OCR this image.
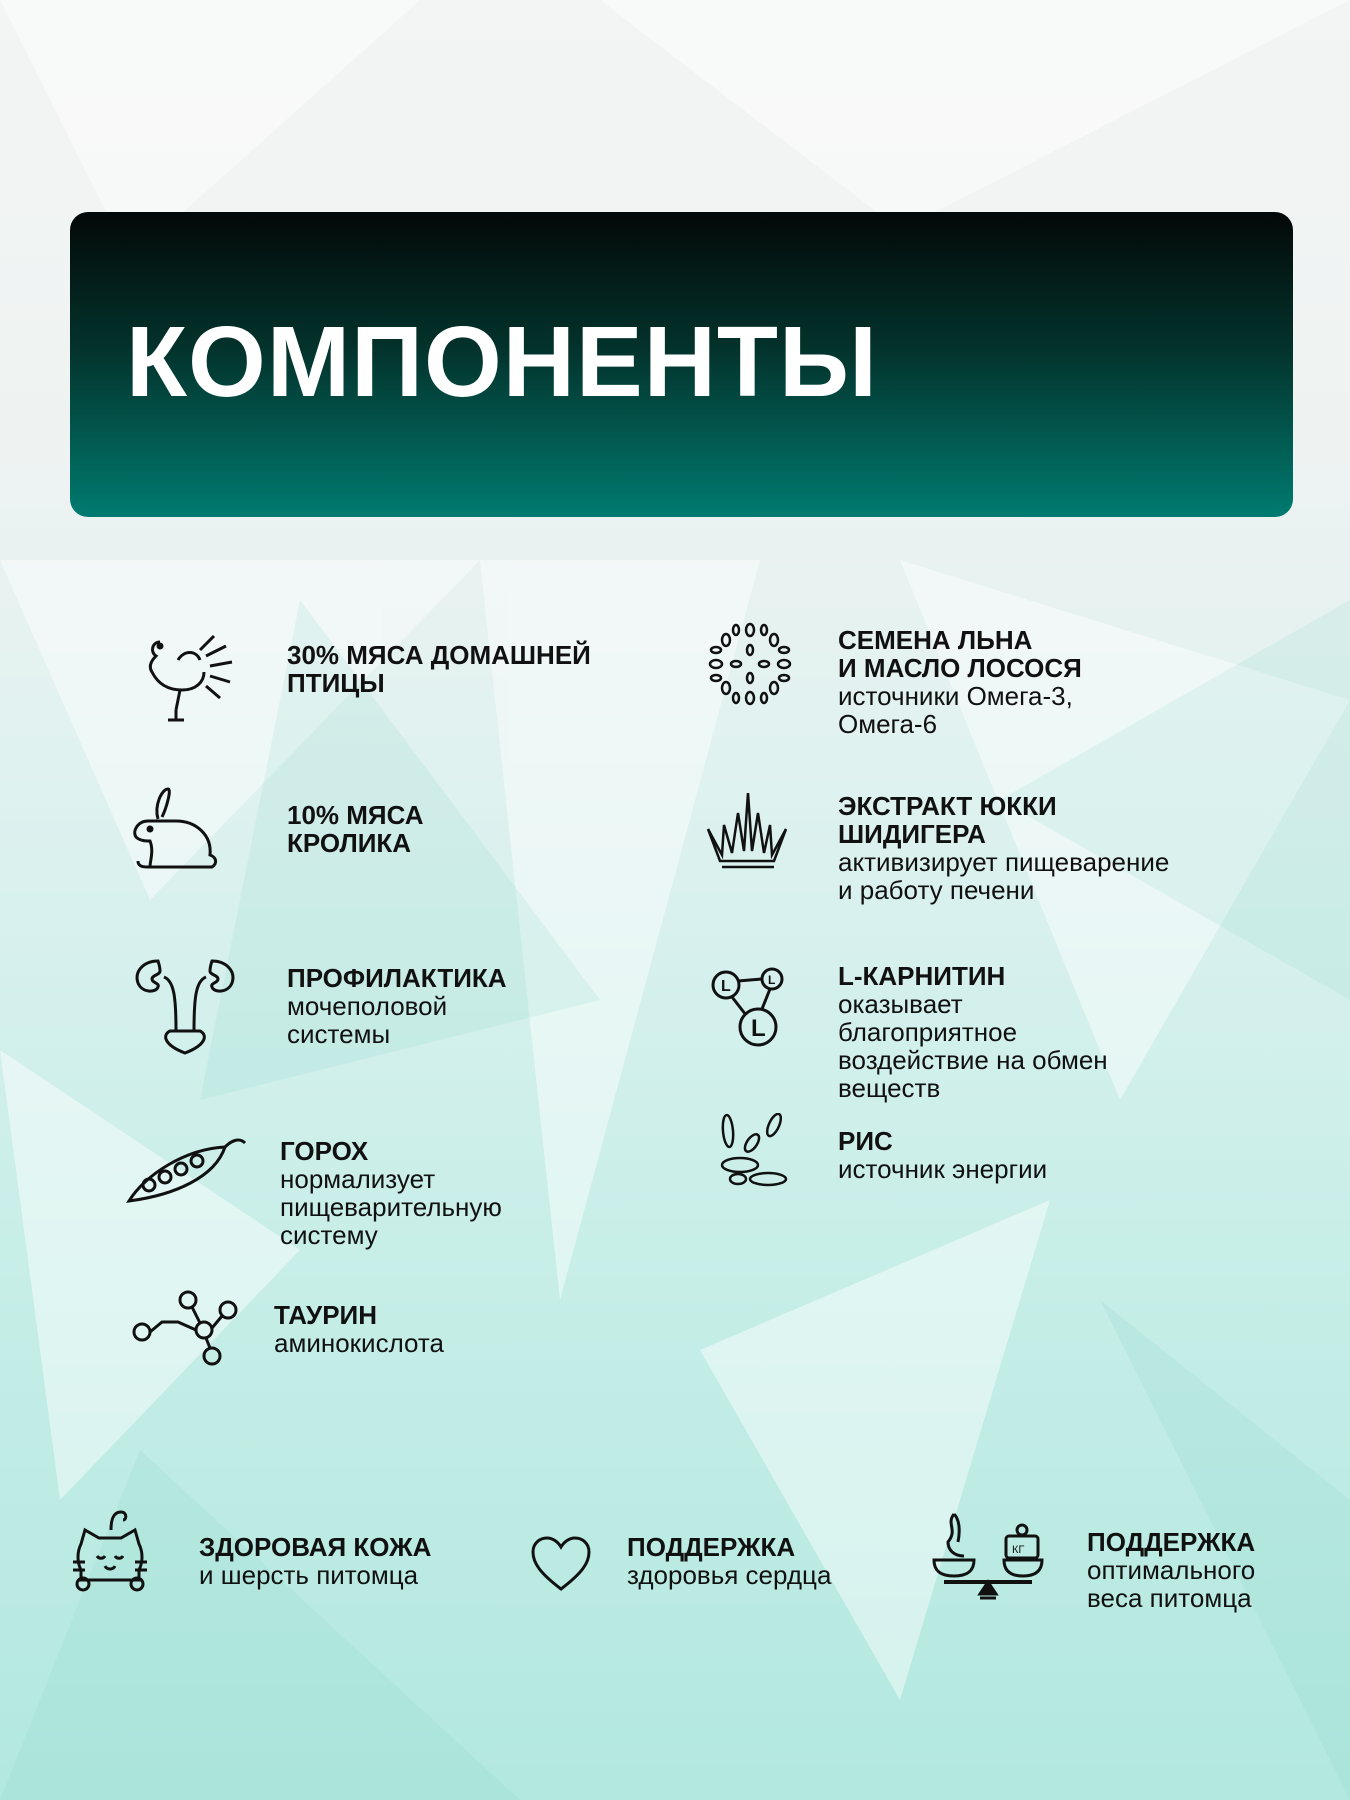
КОМПОНЕНТЫ
30% МЯСА ДОМАШНЕЙ ПТИЦЫ
10% МЯСА КРОЛИКА
ПРОФИЛАКТИКА
мочеполовой
системы
ГОРОХ
нормализует
пищеварительную
систему
ТАУРИН
аминокислота
СЕМЕНА ЛЬНА
И МАСЛО ЛОСОСЯ
источники Омега-3,
Омега-6
ЭКСТРАКТ ЮККИ
ШИДИГЕРА
активизирует пищеварение
и работу печени
L	L
L
L-КАРНИТИН
оказывает
благоприятное
воздействие на обмен
веществ
РИС
источник энергии
ЗДОРОВАЯ КОЖА
и шерсть питомца
ПОДДЕРЖКА
здоровья сердца
КГ ПОДДЕРЖКА
оптимального
веса питомца
